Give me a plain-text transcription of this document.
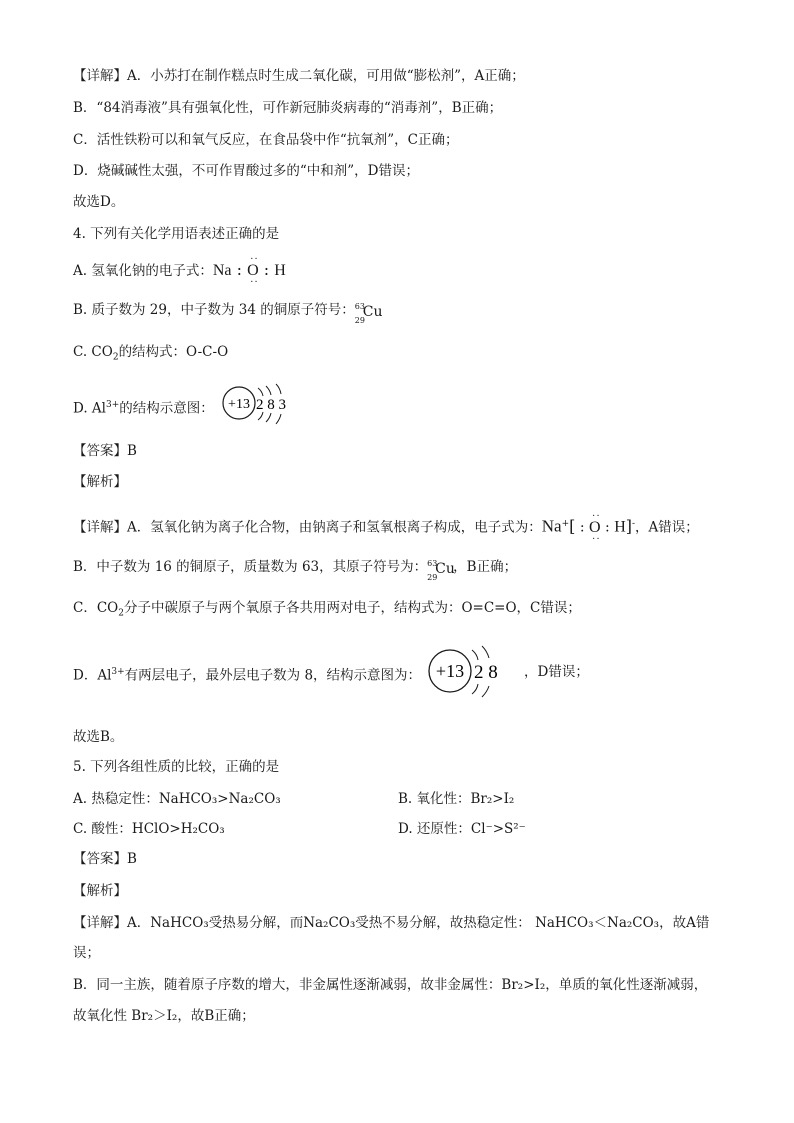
【详解】A．小苏打在制作糕点时生成二氧化碳，可用做“膨松剂”，A正确；
B．“84消毒液”具有强氧化性，可作新冠肺炎病毒的“消毒剂”，B正确；
C．活性铁粉可以和氧气反应，在食品袋中作“抗氧剂”，C正确；
D．烧碱碱性太强，不可作胃酸过多的“中和剂”，D错误；
故选D。
4. 下列有关化学用语表述正确的是
A. 氢氧化钠的电子式：Na :
··
O
··
: H
B. 质子数为 29，中子数为 34 的铜原子符号： 63
29
Cu
C. $CO_2$的结构式：O-C-O
D. $Al^{3+}$的结构示意图：	+13 2 8 3
【答案】B
【解析】
【详解】A．氢氧化钠为离子化合物，由钠离子和氢氧根离子构成，电子式为：Na+[ :
··
O
··
: H]-，A错误；
B．中子数为 16 的铜原子，质量数为 63，其原子符号为： 63
29
Cu
，B正确；
C．$CO_2$分子中碳原子与两个氧原子各共用两对电子，结构式为：O=C=O，C错误；
D．$Al^{3+}$有两层电子，最外层电子数为 8，结构示意图为： +13 2 8 ，D错误；
故选B。
5. 下列各组性质的比较，正确的是
A. 热稳定性：NaHCO₃>Na₂CO₃	B. 氧化性：Br₂>I₂
C. 酸性：HClO>H₂CO₃	D. 还原性：Cl⁻>S²⁻
【答案】B
【解析】
【详解】A．NaHCO₃受热易分解，而Na₂CO₃受热不易分解，故热稳定性： NaHCO₃＜Na₂CO₃，故A错
误；
B．同一主族，随着原子序数的增大，非金属性逐渐减弱，故非金属性：Br₂>I₂，单质的氧化性逐渐减弱，
故氧化性 Br₂＞I₂，故B正确；
